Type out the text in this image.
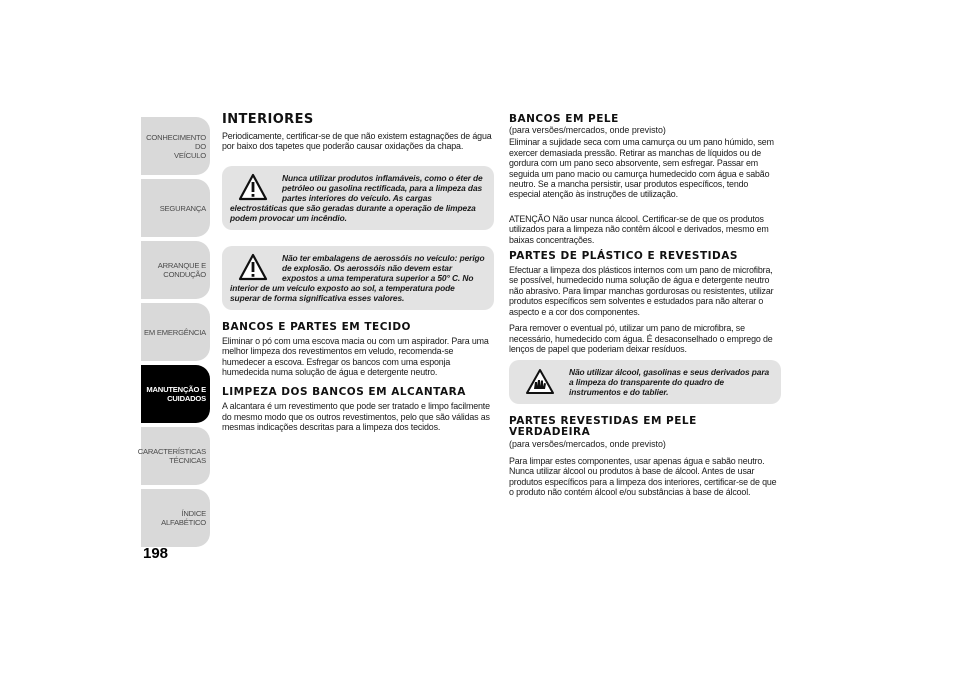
CONHECIMENTO DO
VEÍCULO
SEGURANÇA
ARRANQUE E
CONDUÇÃO
EM EMERGÊNCIA
MANUTENÇÃO E
CUIDADOS
CARACTERÍSTICAS
TÉCNICAS
ÍNDICE ALFABÉTICO
198
INTERIORES

Periodicamente, certificar-se de que não existem estagnações de água por baixo dos tapetes que poderão causar oxidações da chapa.

Nunca utilizar produtos inflamáveis, como o éter de petróleo ou gasolina rectificada, para a limpeza das partes interiores do veículo. As cargas electrostáticas que são geradas durante a operação de limpeza podem provocar um incêndio.
Não ter embalagens de aerossóis no veículo: perigo de explosão. Os aerossóis não devem estar expostos a uma temperatura superior a 50° C. No interior de um veículo exposto ao sol, a temperatura pode superar de forma significativa esses valores.
BANCOS E PARTES EM TECIDO

Eliminar o pó com uma escova macia ou com um aspirador. Para uma melhor limpeza dos revestimentos em veludo, recomenda-se humedecer a escova. Esfregar os bancos com uma esponja humedecida numa solução de água e detergente neutro.

LIMPEZA DOS BANCOS EM ALCANTARA

A alcantara é um revestimento que pode ser tratado e limpo facilmente do mesmo modo que os outros revestimentos, pelo que são válidas as mesmas indicações descritas para a limpeza dos tecidos.

BANCOS EM PELE
(para versões/mercados, onde previsto)

Eliminar a sujidade seca com uma camurça ou um pano húmido, sem exercer demasiada pressão. Retirar as manchas de líquidos ou de gordura com um pano seco absorvente, sem esfregar. Passar em seguida um pano macio ou camurça humedecido com água e sabão neutro. Se a mancha persistir, usar produtos específicos, tendo especial atenção às instruções de utilização.

ATENÇÃO Não usar nunca álcool. Certificar-se de que os produtos utilizados para a limpeza não contêm álcool e derivados, mesmo em baixas concentrações.

PARTES DE PLÁSTICO E REVESTIDAS

Efectuar a limpeza dos plásticos internos com um pano de microfibra, se possível, humedecido numa solução de água e detergente neutro não abrasivo. Para limpar manchas gordurosas ou resistentes, utilizar produtos específicos sem solventes e estudados para não alterar o aspecto e a cor dos componentes.

Para remover o eventual pó, utilizar um pano de microfibra, se necessário, humedecido com água. É desaconselhado o emprego de lenços de papel que poderiam deixar resíduos.

Não utilizar álcool, gasolinas e seus derivados para a limpeza do transparente do quadro de instrumentos e do tablier.
PARTES REVESTIDAS EM PELE VERDADEIRA
(para versões/mercados, onde previsto)

Para limpar estes componentes, usar apenas água e sabão neutro. Nunca utilizar álcool ou produtos à base de álcool. Antes de usar produtos específicos para a limpeza dos interiores, certificar-se de que o produto não contém álcool e/ou substâncias à base de álcool.
